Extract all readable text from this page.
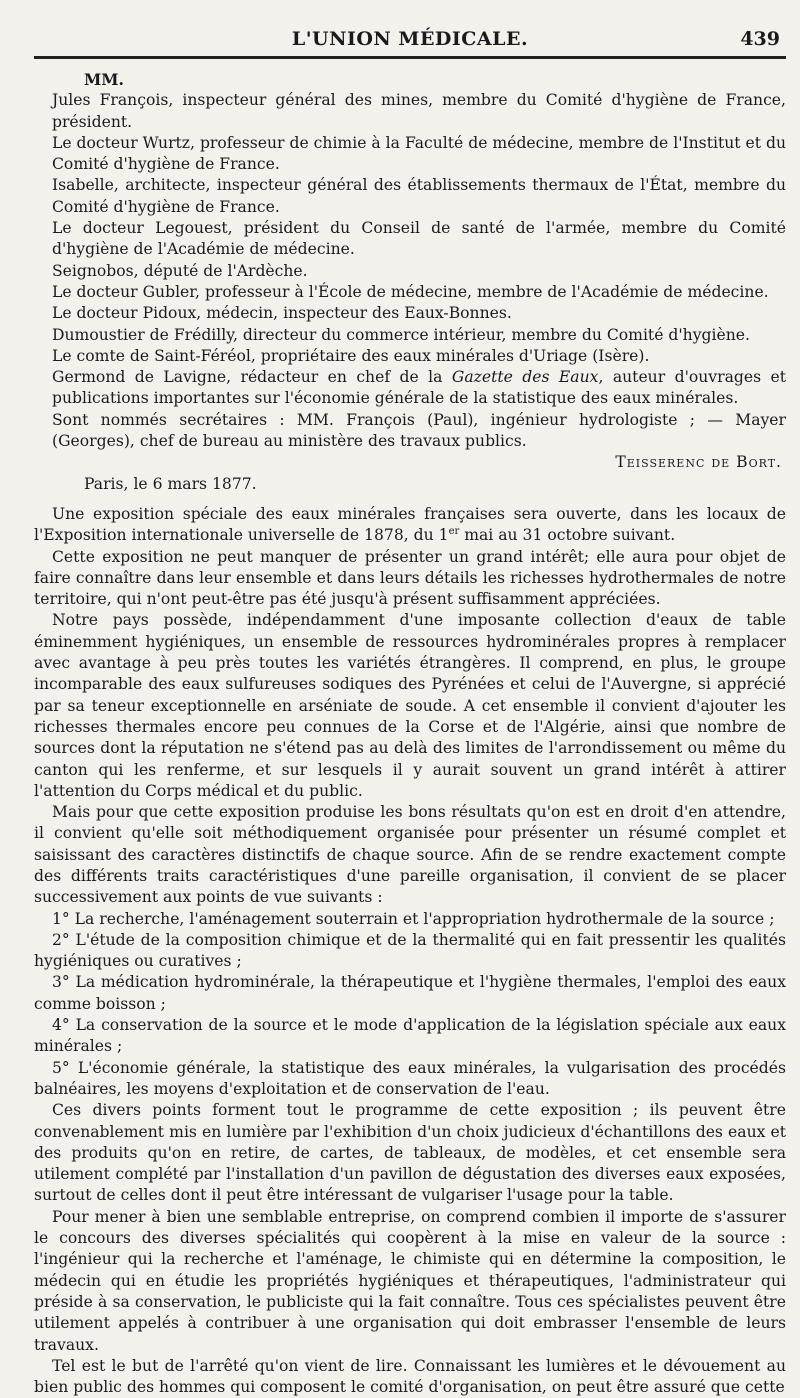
L'UNION MÉDICALE.	439

MM.

Jules François, inspecteur général des mines, membre du Comité d'hygiène de France, président.

Le docteur Wurtz, professeur de chimie à la Faculté de médecine, membre de l'Institut et du Comité d'hygiène de France.

Isabelle, architecte, inspecteur général des établissements thermaux de l'État, membre du Comité d'hygiène de France.

Le docteur Legouest, président du Conseil de santé de l'armée, membre du Comité d'hygiène de l'Académie de médecine.

Seignobos, député de l'Ardèche.

Le docteur Gubler, professeur à l'École de médecine, membre de l'Académie de médecine.

Le docteur Pidoux, médecin, inspecteur des Eaux-Bonnes.

Dumoustier de Frédilly, directeur du commerce intérieur, membre du Comité d'hygiène.

Le comte de Saint-Féréol, propriétaire des eaux minérales d'Uriage (Isère).

Germond de Lavigne, rédacteur en chef de la Gazette des Eaux, auteur d'ouvrages et publications importantes sur l'économie générale de la statistique des eaux minérales.

Sont nommés secrétaires : MM. François (Paul), ingénieur hydrologiste ; — Mayer (Georges), chef de bureau au ministère des travaux publics.

Teisserenc de Bort.

Paris, le 6 mars 1877.

Une exposition spéciale des eaux minérales françaises sera ouverte, dans les locaux de l'Exposition internationale universelle de 1878, du 1er mai au 31 octobre suivant.

Cette exposition ne peut manquer de présenter un grand intérêt; elle aura pour objet de faire connaître dans leur ensemble et dans leurs détails les richesses hydrothermales de notre territoire, qui n'ont peut-être pas été jusqu'à présent suffisamment appréciées.

Notre pays possède, indépendamment d'une imposante collection d'eaux de table éminemment hygiéniques, un ensemble de ressources hydrominérales propres à remplacer avec avantage à peu près toutes les variétés étrangères. Il comprend, en plus, le groupe incomparable des eaux sulfureuses sodiques des Pyrénées et celui de l'Auvergne, si apprécié par sa teneur exceptionnelle en arséniate de soude. A cet ensemble il convient d'ajouter les richesses thermales encore peu connues de la Corse et de l'Algérie, ainsi que nombre de sources dont la réputation ne s'étend pas au delà des limites de l'arrondissement ou même du canton qui les renferme, et sur lesquels il y aurait souvent un grand intérêt à attirer l'attention du Corps médical et du public.

Mais pour que cette exposition produise les bons résultats qu'on est en droit d'en attendre, il convient qu'elle soit méthodiquement organisée pour présenter un résumé complet et saisissant des caractères distinctifs de chaque source. Afin de se rendre exactement compte des différents traits caractéristiques d'une pareille organisation, il convient de se placer successivement aux points de vue suivants :

1° La recherche, l'aménagement souterrain et l'appropriation hydrothermale de la source ;

2° L'étude de la composition chimique et de la thermalité qui en fait pressentir les qualités hygiéniques ou curatives ;

3° La médication hydrominérale, la thérapeutique et l'hygiène thermales, l'emploi des eaux comme boisson ;

4° La conservation de la source et le mode d'application de la législation spéciale aux eaux minérales ;

5° L'économie générale, la statistique des eaux minérales, la vulgarisation des procédés balnéaires, les moyens d'exploitation et de conservation de l'eau.

Ces divers points forment tout le programme de cette exposition ; ils peuvent être convenablement mis en lumière par l'exhibition d'un choix judicieux d'échantillons des eaux et des produits qu'on en retire, de cartes, de tableaux, de modèles, et cet ensemble sera utilement complété par l'installation d'un pavillon de dégustation des diverses eaux exposées, surtout de celles dont il peut être intéressant de vulgariser l'usage pour la table.

Pour mener à bien une semblable entreprise, on comprend combien il importe de s'assurer le concours des diverses spécialités qui coopèrent à la mise en valeur de la source : l'ingénieur qui la recherche et l'aménage, le chimiste qui en détermine la composition, le médecin qui en étudie les propriétés hygiéniques et thérapeutiques, l'administrateur qui préside à sa conservation, le publiciste qui la fait connaître. Tous ces spécialistes peuvent être utilement appelés à contribuer à une organisation qui doit embrasser l'ensemble de leurs travaux.

Tel est le but de l'arrêté qu'on vient de lire. Connaissant les lumières et le dévouement au bien public des hommes qui composent le comité d'organisation, on peut être assuré que cette
